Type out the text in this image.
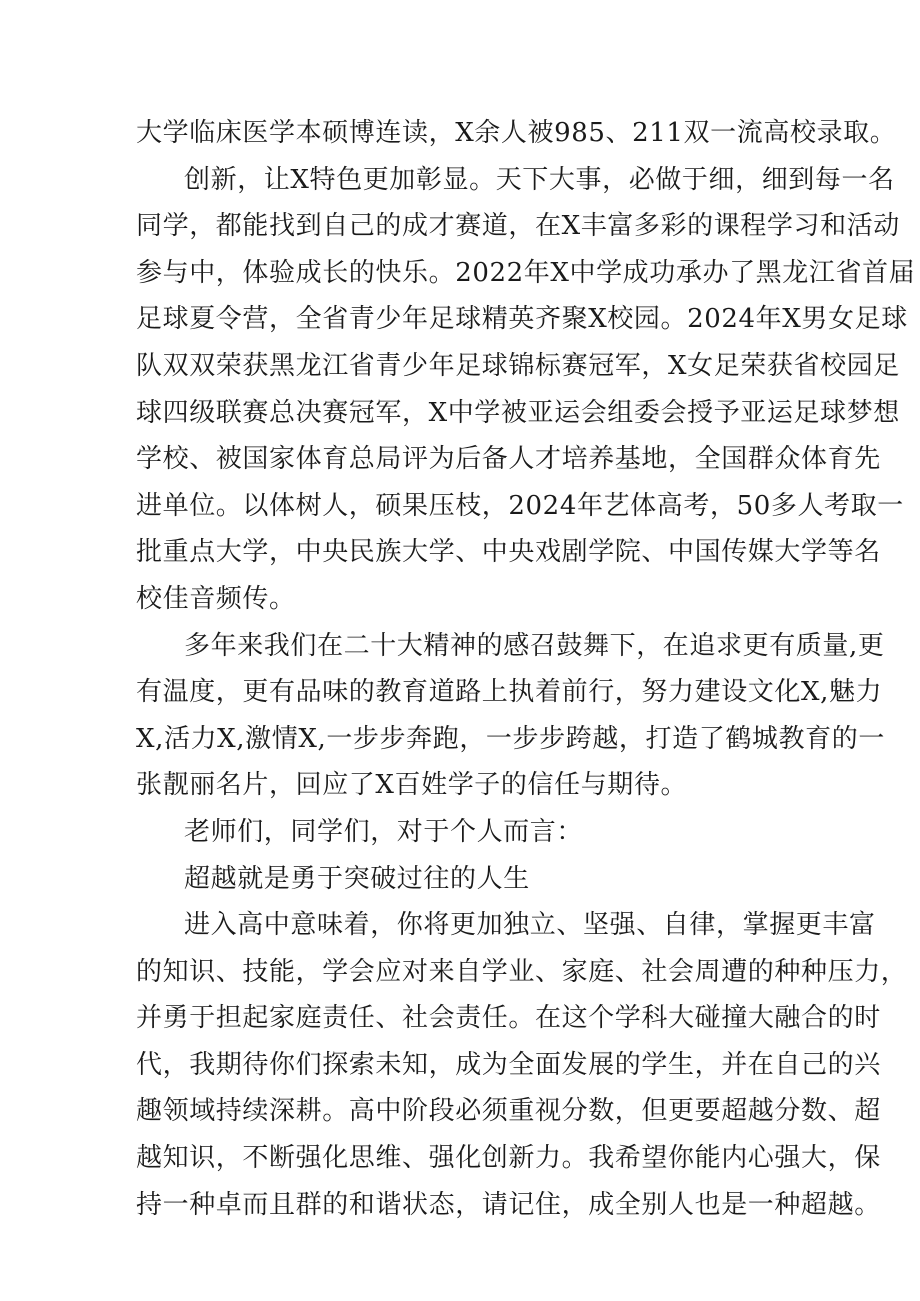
大学临床医学本硕博连读，X余人被985、211双一流高校录取。
创新，让X特色更加彰显。天下大事，必做于细，细到每一名
同学，都能找到自己的成才赛道，在X丰富多彩的课程学习和活动
参与中，体验成长的快乐。2022年X中学成功承办了黑龙江省首届
足球夏令营，全省青少年足球精英齐聚X校园。2024年X男女足球
队双双荣获黑龙江省青少年足球锦标赛冠军，X女足荣获省校园足
球四级联赛总决赛冠军，X中学被亚运会组委会授予亚运足球梦想
学校、被国家体育总局评为后备人才培养基地，全国群众体育先
进单位。以体树人，硕果压枝，2024年艺体高考，50多人考取一
批重点大学，中央民族大学、中央戏剧学院、中国传媒大学等名
校佳音频传。
多年来我们在二十大精神的感召鼓舞下，在追求更有质量,更
有温度，更有品味的教育道路上执着前行，努力建设文化X,魅力
X,活力X,激情X,一步步奔跑，一步步跨越，打造了鹤城教育的一
张靓丽名片，回应了X百姓学子的信任与期待。
老师们，同学们，对于个人而言：
超越就是勇于突破过往的人生
进入高中意味着，你将更加独立、坚强、自律，掌握更丰富
的知识、技能，学会应对来自学业、家庭、社会周遭的种种压力，
并勇于担起家庭责任、社会责任。在这个学科大碰撞大融合的时
代，我期待你们探索未知，成为全面发展的学生，并在自己的兴
趣领域持续深耕。高中阶段必须重视分数，但更要超越分数、超
越知识，不断强化思维、强化创新力。我希望你能内心强大，保
持一种卓而且群的和谐状态，请记住，成全别人也是一种超越。
